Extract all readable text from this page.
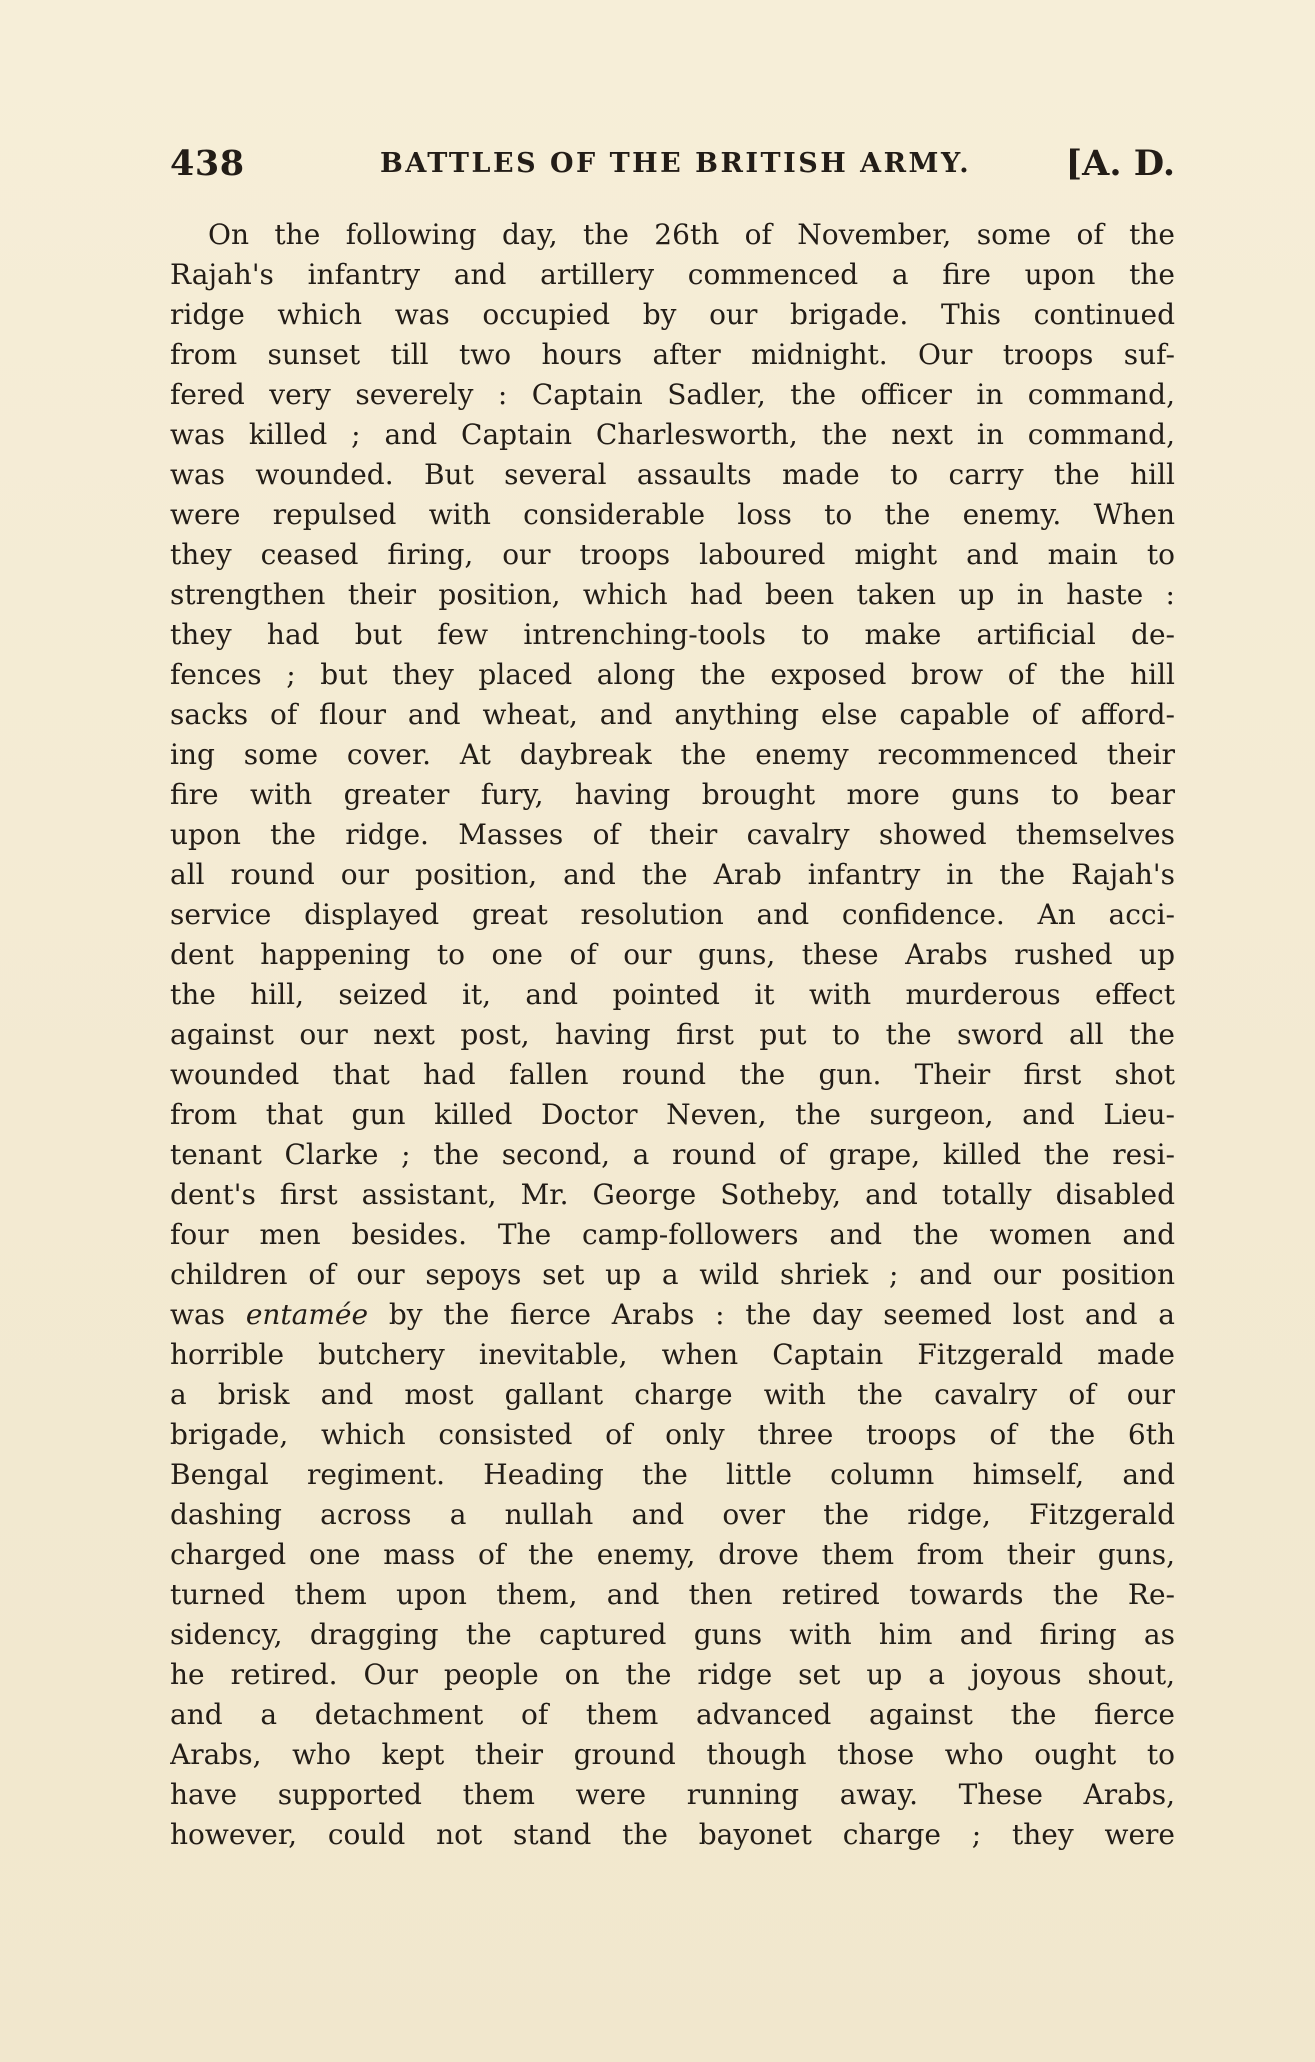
438	BATTLES OF THE BRITISH ARMY.	[A. D.
On the following day, the 26th of November, some of the
Rajah's infantry and artillery commenced a fire upon the
ridge which was occupied by our brigade. This continued
from sunset till two hours after midnight. Our troops suf-
fered very severely : Captain Sadler, the officer in command,
was killed ; and Captain Charlesworth, the next in command,
was wounded. But several assaults made to carry the hill
were repulsed with considerable loss to the enemy. When
they ceased firing, our troops laboured might and main to
strengthen their position, which had been taken up in haste :
they had but few intrenching-tools to make artificial de-
fences ; but they placed along the exposed brow of the hill
sacks of flour and wheat, and anything else capable of afford-
ing some cover. At daybreak the enemy recommenced their
fire with greater fury, having brought more guns to bear
upon the ridge. Masses of their cavalry showed themselves
all round our position, and the Arab infantry in the Rajah's
service displayed great resolution and confidence. An acci-
dent happening to one of our guns, these Arabs rushed up
the hill, seized it, and pointed it with murderous effect
against our next post, having first put to the sword all the
wounded that had fallen round the gun. Their first shot
from that gun killed Doctor Neven, the surgeon, and Lieu-
tenant Clarke ; the second, a round of grape, killed the resi-
dent's first assistant, Mr. George Sotheby, and totally disabled
four men besides. The camp-followers and the women and
children of our sepoys set up a wild shriek ; and our position
was entamée by the fierce Arabs : the day seemed lost and a
horrible butchery inevitable, when Captain Fitzgerald made
a brisk and most gallant charge with the cavalry of our
brigade, which consisted of only three troops of the 6th
Bengal regiment. Heading the little column himself, and
dashing across a nullah and over the ridge, Fitzgerald
charged one mass of the enemy, drove them from their guns,
turned them upon them, and then retired towards the Re-
sidency, dragging the captured guns with him and firing as
he retired. Our people on the ridge set up a joyous shout,
and a detachment of them advanced against the fierce
Arabs, who kept their ground though those who ought to
have supported them were running away. These Arabs,
however, could not stand the bayonet charge ; they were
